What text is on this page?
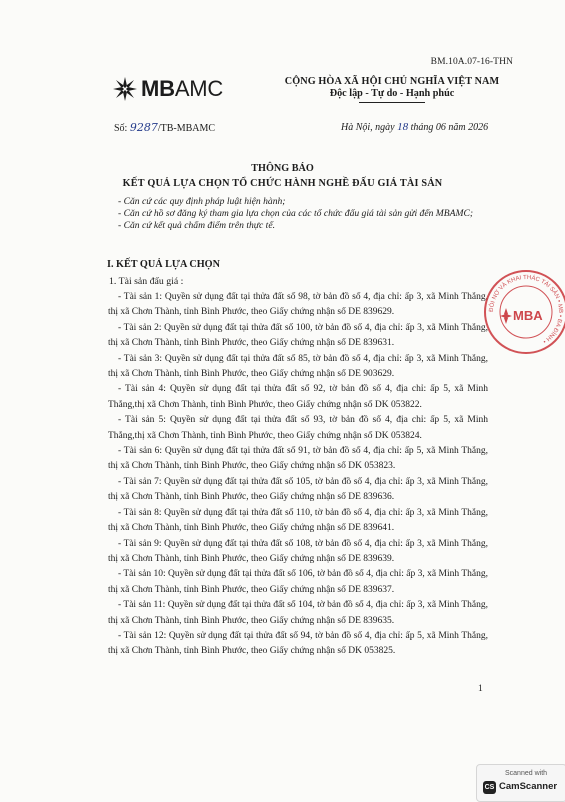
BM.10A.07-16-THN
MBAMC	CỘNG HÒA XÃ HỘI CHỦ NGHĨA VIỆT NAM
Độc lập - Tự do - Hạnh phúc
Số: 9287/TB-MBAMC	Hà Nội, ngày 18 tháng 06 năm 2026
THÔNG BÁO
KẾT QUẢ LỰA CHỌN TỔ CHỨC HÀNH NGHỀ ĐẤU GIÁ TÀI SẢN
- Căn cứ các quy định pháp luật hiện hành;
- Căn cứ hồ sơ đăng ký tham gia lựa chọn của các tổ chức đấu giá tài sản gửi đến MBAMC;
- Căn cứ kết quả chấm điểm trên thực tế.
I. KẾT QUẢ LỰA CHỌN
1. Tài sản đấu giá :
- Tài sản 1: Quyền sử dụng đất tại thửa đất số 98, tờ bản đồ số 4, địa chỉ: ấp 3, xã Minh Thắng, thị xã Chơn Thành, tỉnh Bình Phước, theo Giấy chứng nhận số DE 839629.
- Tài sản 2: Quyền sử dụng đất tại thửa đất số 100, tờ bản đồ số 4, địa chỉ: ấp 3, xã Minh Thắng, thị xã Chơn Thành, tỉnh Bình Phước, theo Giấy chứng nhận số DE 839631.
- Tài sản 3: Quyền sử dụng đất tại thửa đất số 85, tờ bản đồ số 4, địa chỉ: ấp 3, xã Minh Thắng, thị xã Chơn Thành, tỉnh Bình Phước, theo Giấy chứng nhận số DE 903629.
- Tài sản 4: Quyền sử dụng đất tại thửa đất số 92, tờ bản đồ số 4, địa chỉ: ấp 5, xã Minh Thắng,thị xã Chơn Thành, tỉnh Bình Phước, theo Giấy chứng nhận số DK 053822.
- Tài sản 5: Quyền sử dụng đất tại thửa đất số 93, tờ bản đồ số 4, địa chỉ: ấp 5, xã Minh Thắng,thị xã Chơn Thành, tỉnh Bình Phước, theo Giấy chứng nhận số DK 053824.
- Tài sản 6: Quyền sử dụng đất tại thửa đất số 91, tờ bản đồ số 4, địa chỉ: ấp 5, xã Minh Thắng, thị xã Chơn Thành, tỉnh Bình Phước, theo Giấy chứng nhận số DK 053823.
- Tài sản 7: Quyền sử dụng đất tại thửa đất số 105, tờ bản đồ số 4, địa chỉ: ấp 3, xã Minh Thắng, thị xã Chơn Thành, tỉnh Bình Phước, theo Giấy chứng nhận số DE 839636.
- Tài sản 8: Quyền sử dụng đất tại thửa đất số 110, tờ bản đồ số 4, địa chỉ: ấp 3, xã Minh Thắng, thị xã Chơn Thành, tỉnh Bình Phước, theo Giấy chứng nhận số DE 839641.
- Tài sản 9: Quyền sử dụng đất tại thửa đất số 108, tờ bản đồ số 4, địa chỉ: ấp 3, xã Minh Thắng, thị xã Chơn Thành, tỉnh Bình Phước, theo Giấy chứng nhận số DE 839639.
- Tài sản 10: Quyền sử dụng đất tại thửa đất số 106, tờ bản đồ số 4, địa chỉ: ấp 3, xã Minh Thắng, thị xã Chơn Thành, tỉnh Bình Phước, theo Giấy chứng nhận số DE 839637.
- Tài sản 11: Quyền sử dụng đất tại thửa đất số 104, tờ bản đồ số 4, địa chỉ: ấp 3, xã Minh Thắng, thị xã Chơn Thành, tỉnh Bình Phước, theo Giấy chứng nhận số DE 839635.
- Tài sản 12: Quyền sử dụng đất tại thửa đất số 94, tờ bản đồ số 4, địa chỉ: ấp 5, xã Minh Thắng, thị xã Chơn Thành, tỉnh Bình Phước, theo Giấy chứng nhận số DK 053825.
ĐÒI NỢ VÀ KHAI THÁC TÀI SẢN • MB • BA ĐÌNH •
MBA
1
Scanned with
CS CamScanner
